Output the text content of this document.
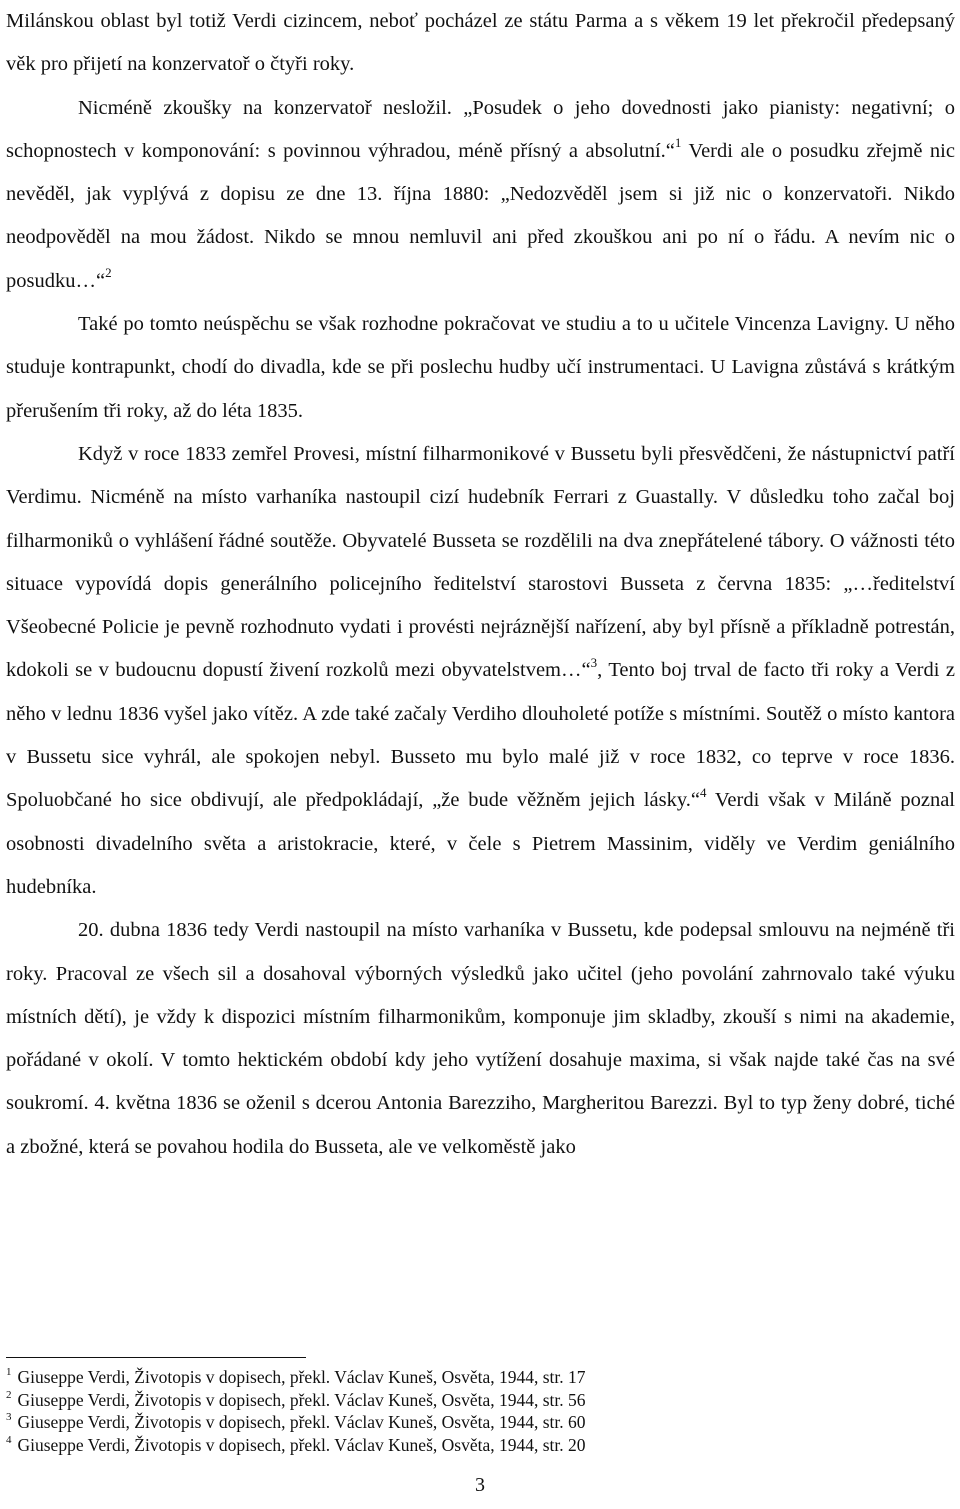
Milánskou oblast byl totiž Verdi cizincem, neboť pocházel ze státu Parma a s věkem 19 let překročil předepsaný věk pro přijetí na konzervatoř o čtyři roky.

Nicméně zkoušky na konzervatoř nesložil. „Posudek o jeho dovednosti jako pianisty: negativní; o schopnostech v komponování: s povinnou výhradou, méně přísný a absolutní.“$^1$ Verdi ale o posudku zřejmě nic nevěděl, jak vyplývá z dopisu ze dne 13. října 1880: „Nedozvěděl jsem si již nic o konzervatoři. Nikdo neodpověděl na mou žádost. Nikdo se mnou nemluvil ani před zkouškou ani po ní o řádu. A nevím nic o posudku…“$^2$

Také po tomto neúspěchu se však rozhodne pokračovat ve studiu a to u učitele Vincenza Lavigny. U něho studuje kontrapunkt, chodí do divadla, kde se při poslechu hudby učí instrumentaci. U Lavigna zůstává s krátkým přerušením tři roky, až do léta 1835.

Když v roce 1833 zemřel Provesi, místní filharmonikové v Bussetu byli přesvědčeni, že nástupnictví patří Verdimu. Nicméně na místo varhaníka nastoupil cizí hudebník Ferrari z Guastally. V důsledku toho začal boj filharmoniků o vyhlášení řádné soutěže. Obyvatelé Busseta se rozdělili na dva znepřátelené tábory. O vážnosti této situace vypovídá dopis generálního policejního ředitelství starostovi Busseta z června 1835: „…ředitelství Všeobecné Policie je pevně rozhodnuto vydati i provésti nejráznější nařízení, aby byl přísně a příkladně potrestán, kdokoli se v budoucnu dopustí živení rozkolů mezi obyvatelstvem…“$^3$, Tento boj trval de facto tři roky a Verdi z něho v lednu 1836 vyšel jako vítěz. A zde také začaly Verdiho dlouholeté potíže s místními. Soutěž o místo kantora v Bussetu sice vyhrál, ale spokojen nebyl. Busseto mu bylo malé již v roce 1832, co teprve v roce 1836. Spoluobčané ho sice obdivují, ale předpokládají, „že bude věžněm jejich lásky.“$^4$ Verdi však v Miláně poznal osobnosti divadelního světa a aristokracie, které, v čele s Pietrem Massinim, viděly ve Verdim geniálního hudebníka.

20. dubna 1836 tedy Verdi nastoupil na místo varhaníka v Bussetu, kde podepsal smlouvu na nejméně tři roky. Pracoval ze všech sil a dosahoval výborných výsledků jako učitel (jeho povolání zahrnovalo také výuku místních dětí), je vždy k dispozici místním filharmonikům, komponuje jim skladby, zkouší s nimi na akademie, pořádané v okolí. V tomto hektickém období kdy jeho vytížení dosahuje maxima, si však najde také čas na své soukromí. 4. května 1836 se oženil s dcerou Antonia Barezziho, Margheritou Barezzi. Byl to typ ženy dobré, tiché a zbožné, která se povahou hodila do Busseta, ale ve velkoměstě jako

$^1$ Giuseppe Verdi, Životopis v dopisech, překl. Václav Kuneš, Osvěta, 1944, str. 17

$^2$ Giuseppe Verdi, Životopis v dopisech, překl. Václav Kuneš, Osvěta, 1944, str. 56

$^3$ Giuseppe Verdi, Životopis v dopisech, překl. Václav Kuneš, Osvěta, 1944, str. 60

$^4$ Giuseppe Verdi, Životopis v dopisech, překl. Václav Kuneš, Osvěta, 1944, str. 20

3
